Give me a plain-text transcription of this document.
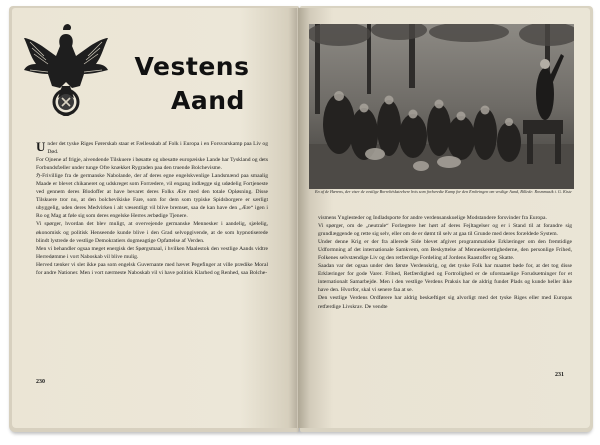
Vestens
Aand

Under det tyske Riges Førerskab staar et Fællesskab af Folk i Europa i en Forsvarskamp paa Liv og Død.

For Ojnene af frigje, aivendende Tilskuere i bøsatte og ubesatte europæiske Lande har Tyskland og dets Forbundsfæller under tunge Ofre knækket Rygraden paa den truende Bolchevisme.

ℌ-Frivillige fra de germanske Nabolande, der af deres egne engelskvenlige Landsmænd paa smaalig Maade er blevet chikaneret og udskreget som Forrædere, vil engang indlægge sig udødelig Fortjeneste ved gennem deres Blodoffer at have bevaret deres Folks Ære med den totale Opløsning. Disse Tilskuere tror nu, at den bolchevikiske Fare, som for dem som typiske Spidsborgere er særligt ubyggelig, uden deres Medvirken i alt væsentligt vil blive bremset, saa de kan have den „Ære“ igen i Ro og Mag at føle sig som deres engelske Herres ærbødige Tjenere.

Vi spørger, hvordan det blev muligt, at overvejende germanske Mennesker i aandelig, sjælelig, økonomisk og politisk Henseende kunde blive i den Grad selvopgivende, at de som hypnotiserede blindt lystrede de vestlige Demokratiers dogmeagtige Opfattelse af Verden.

Men vi behandler ogsaa meget energisk det Spørgsmaal, i hvilken Maalestok den vestlige Aands vidtre Herredømme i vort Naboskab vil blive mulig.

Herved tænker vi slet ikke paa som engelsk Guvernante med hævet Pegefinger at ville prædike Moral for andre Nationer. Men i vort nærmeste Naboskab vil vi have politisk Klarhed og Renhed, saa Bolche-

230
En af de Hærens, der viser de vestlige Borrebéskstrebere hvis som forberedte Kamp for den Erobringen om vestlige Aand, Billede: Rosmmusik i. G. Kiste

vismens Ynglesteder og Indladsporte for andre verdensanskuelige Modstandere forsvinder fra Europa.

Vi spørger, om de „neutrale“ Forlægtere her hørt af deres Fejltagelser og er i Stand til at forandre sig grundlæggende og rette sig selv, eller om de er dømt til selv at gaa til Grunde med deres forældede System.

Under denne Krig er der fra allerede Side blevet afgivet programmatiske Erklæringer om den fremtidige Udformning af det internationale Samkvem, om Beskyttelse af Menneskerettighederne, den personlige Frihed, Folkenes selvstændige Liv og den retfærdige Fordeling af Jordens Raastoffer og Skatte.

Saadan var det ogsaa under den første Verdenskrig, og det tyske Folk har maattet bøde for, at det tog disse Erklæringer for gode Varer. Frihed, Retfærdighed og Fortrolighed er de uforstaaelige Forudsætninger for et internationalt Samarbejde. Men i den vestlige Verdens Praksis har de aldrig fundet Plads og kunde heller ikke have den. Hvorfor, skal vi senere faa at se.

Den vestlige Verdens Ordførere har aldrig beskæftiget sig alvorligt med det tyske Riges eller med Europas retfærdige Livskrav. De vendte

231
